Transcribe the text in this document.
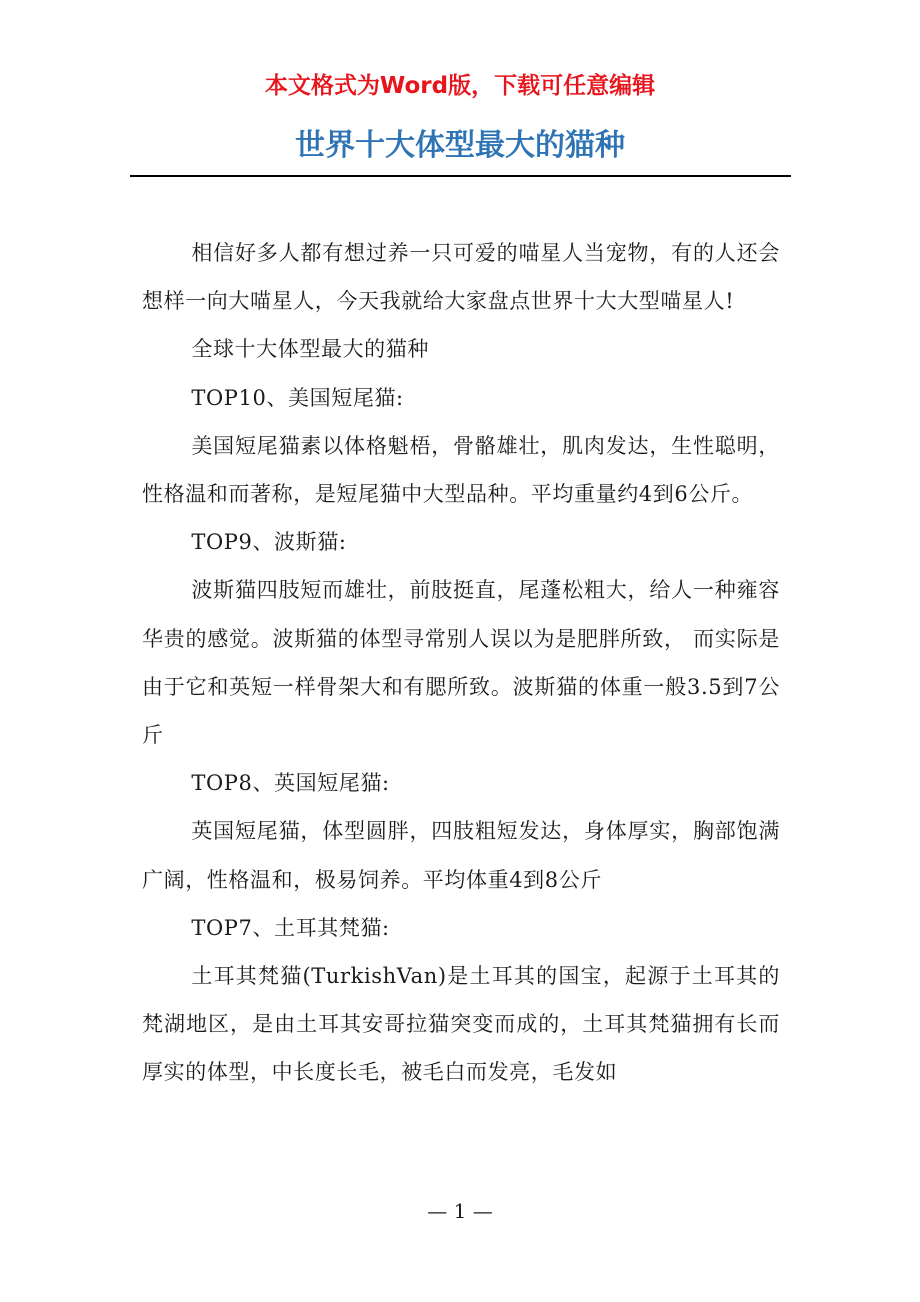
本文格式为Word版，下载可任意编辑
世界十大体型最大的猫种

相信好多人都有想过养一只可爱的喵星人当宠物，有的人还会想样一向大喵星人，今天我就给大家盘点世界十大大型喵星人!

全球十大体型最大的猫种

TOP10、美国短尾猫:

美国短尾猫素以体格魁梧，骨骼雄壮，肌肉发达，生性聪明，性格温和而著称，是短尾猫中大型品种。平均重量约4到6公斤。

TOP9、波斯猫:

波斯猫四肢短而雄壮，前肢挺直，尾蓬松粗大，给人一种雍容华贵的感觉。波斯猫的体型寻常别人误以为是肥胖所致， 而实际是由于它和英短一样骨架大和有腮所致。波斯猫的体重一般3.5到7公斤

TOP8、英国短尾猫:

英国短尾猫，体型圆胖，四肢粗短发达，身体厚实，胸部饱满广阔，性格温和，极易饲养。平均体重4到8公斤

TOP7、土耳其梵猫:

土耳其梵猫(TurkishVan)是土耳其的国宝，起源于土耳其的梵湖地区，是由土耳其安哥拉猫突变而成的，土耳其梵猫拥有长而厚实的体型，中长度长毛，被毛白而发亮，毛发如

— 1 —
